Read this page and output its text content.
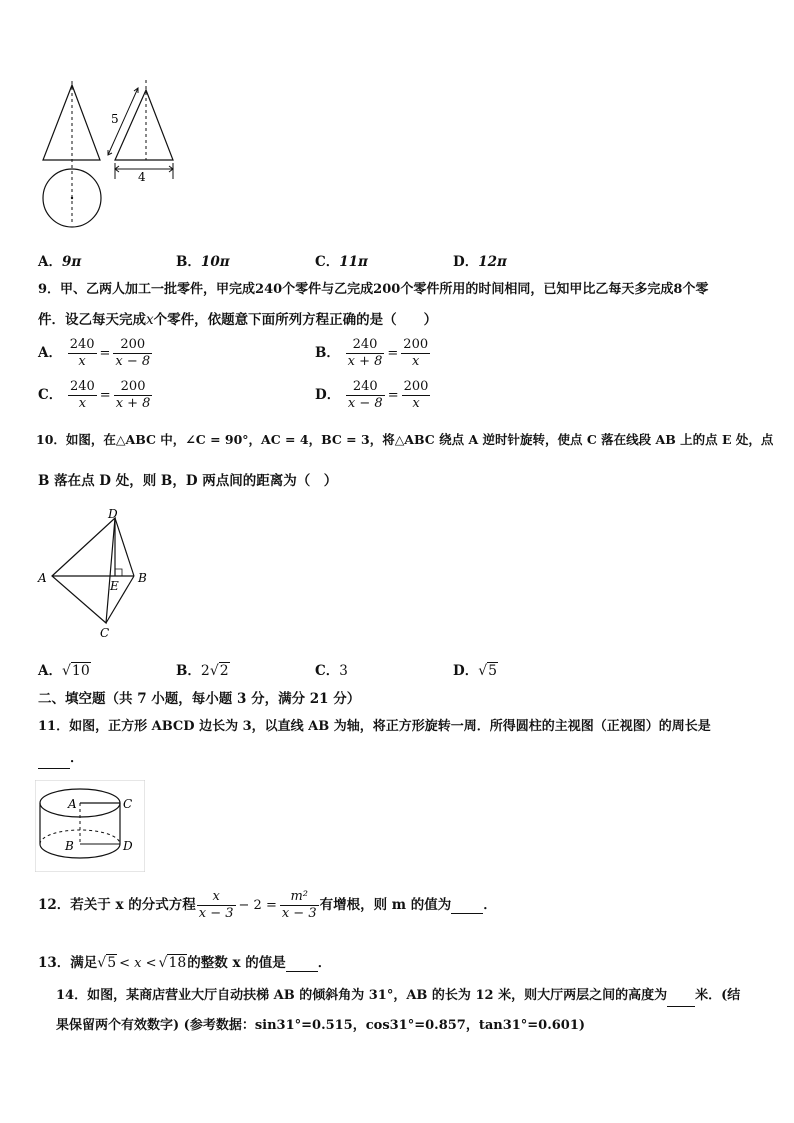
5
4
A．9π	B．10π	C．11π	D．12π
9．甲、乙两人加工一批零件，甲完成240个零件与乙完成200个零件所用的时间相同，已知甲比乙每天多完成8个零
件．设乙每天完成x个零件，依题意下面所列方程正确的是（　　）
A． $\frac{240}{x} = \frac{200}{x - 8}$	B． $\frac{240}{x + 8} = \frac{200}{x}$
C． $\frac{240}{x} = \frac{200}{x + 8}$	D． $\frac{240}{x - 8} = \frac{200}{x}$
10．如图，在△ABC 中，∠C = 90°，AC = 4，BC = 3，将△ABC 绕点 A 逆时针旋转，使点 C 落在线段 AB 上的点 E 处，点
B 落在点 D 处，则 B，D 两点间的距离为（　）
D
A
E
B
C
A．√10	B．2√2	C．3	D．√5
二、填空题（共 7 小题，每小题 3 分，满分 21 分）
11．如图，正方形 ABCD 边长为 3，以直线 AB 为轴，将正方形旋转一周．所得圆柱的主视图（正视图）的周长是
．
A	C
B	D
12．若关于 x 的分式方程 $\frac{x}{x - 3} - 2 = \frac{\text{m²}}{x - 3}$ 有增根，则 m 的值为 ．
13．满足√5 < x < √18的整数 x 的值是 ．
14．如图，某商店营业大厅自动扶梯 AB 的倾斜角为 31°，AB 的长为 12 米，则大厅两层之间的高度为 米．(结
果保留两个有效数字) (参考数据：sin31°=0.515，cos31°=0.857，tan31°=0.601)
